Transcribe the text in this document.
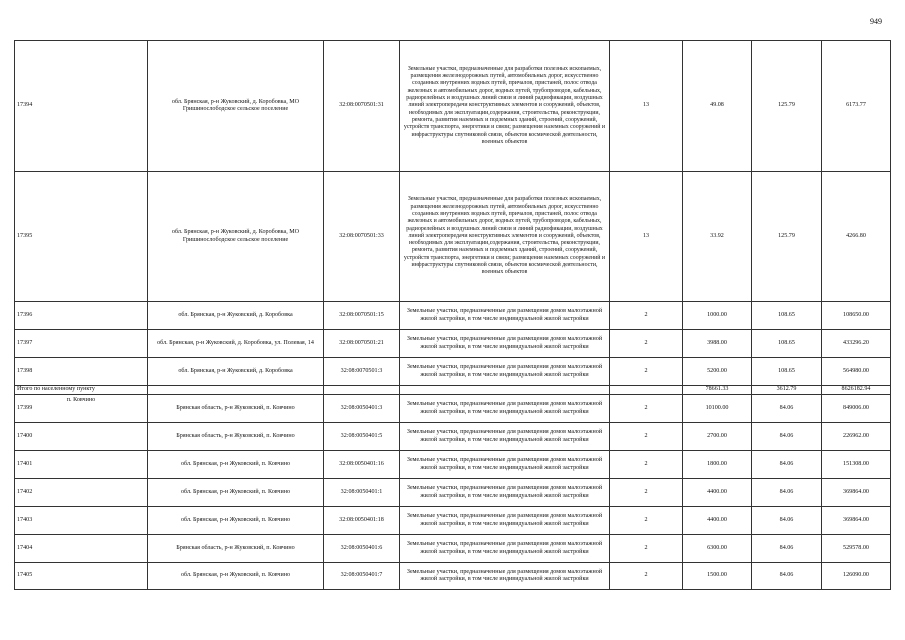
949
17394	обл. Брянская, р-н Жуковский, д. Коробовка, МО Гришинослободское сельское поселение	32:08:0070501:31	Земельные участки, предназначенные для разработки полезных ископаемых, размещения железнодорожных путей, автомобильных дорог, искусственно созданных внутренних водных путей, причалов, пристаней, полос отвода железных и автомобильных дорог, водных путей, трубопроводов, кабельных, радиорелейных и воздушных линий связи и линий радиофикации, воздушных линий электропередачи конструктивных элементов и сооружений, объектов, необходимых для эксплуатации,содержания, строительства, реконструкции, ремонта, развития наземных и подземных зданий, строений, сооружений, устройств транспорта, энергетики и связи; размещения наземных сооружений и инфраструктуры спутниковой связи, объектов космической деятельности, военных объектов	13	49.08	125.79	6173.77
17395	обл. Брянская, р-н Жуковский, д. Коробовка, МО Гришинослободское сельское поселение	32:08:0070501:33	Земельные участки, предназначенные для разработки полезных ископаемых, размещения железнодорожных путей, автомобильных дорог, искусственно созданных внутренних водных путей, причалов, пристаней, полос отвода железных и автомобильных дорог, водных путей, трубопроводов, кабельных, радиорелейных и воздушных линий связи и линий радиофикации, воздушных линий электропередачи конструктивных элементов и сооружений, объектов, необходимых для эксплуатации,содержания, строительства, реконструкции, ремонта, развития наземных и подземных зданий, строений, сооружений, устройств транспорта, энергетики и связи; размещения наземных сооружений и инфраструктуры спутниковой связи, объектов космической деятельности, военных объектов	13	33.92	125.79	4266.80
17396	обл. Брянская, р-н Жуковский, д. Коробовка	32:08:0070501:15	Земельные участки, предназначенные для размещения домов малоэтажной жилой застройки, в том числе индивидуальной жилой застройки	2	1000.00	108.65	108650.00
17397	обл. Брянская, р-н Жуковский, д. Коробовка, ул. Полевая, 14	32:08:0070501:21	Земельные участки, предназначенные для размещения домов малоэтажной жилой застройки, в том числе индивидуальной жилой застройки	2	3988.00	108.65	433296.20
17398	обл. Брянская, р-н Жуковский, д. Коробовка	32:08:0070501:3	Земельные участки, предназначенные для размещения домов малоэтажной жилой застройки, в том числе индивидуальной жилой застройки	2	5200.00	108.65	564980.00
Итого по населенному пункту					78661.33	3612.79	8626182.94

п. Ковчино
17399	Брянская область, р-н Жуковский, п. Ковчино	32:08:0050401:3	Земельные участки, предназначенные для размещения домов малоэтажной жилой застройки, в том числе индивидуальной жилой застройки	2	10100.00	84.06	849006.00
17400	Брянская область, р-н Жуковский, п. Ковчино	32:08:0050401:5	Земельные участки, предназначенные для размещения домов малоэтажной жилой застройки, в том числе индивидуальной жилой застройки	2	2700.00	84.06	226962.00
17401	обл. Брянская, р-н Жуковский, п. Ковчино	32:08:0050401:16	Земельные участки, предназначенные для размещения домов малоэтажной жилой застройки, в том числе индивидуальной жилой застройки	2	1800.00	84.06	151308.00
17402	обл. Брянская, р-н Жуковский, п. Ковчино	32:08:0050401:1	Земельные участки, предназначенные для размещения домов малоэтажной жилой застройки, в том числе индивидуальной жилой застройки	2	4400.00	84.06	369864.00
17403	обл. Брянская, р-н Жуковский, п. Ковчино	32:08:0050401:18	Земельные участки, предназначенные для размещения домов малоэтажной жилой застройки, в том числе индивидуальной жилой застройки	2	4400.00	84.06	369864.00
17404	Брянская область, р-н Жуковский, п. Ковчино	32:08:0050401:6	Земельные участки, предназначенные для размещения домов малоэтажной жилой застройки, в том числе индивидуальной жилой застройки	2	6300.00	84.06	529578.00
17405	обл. Брянская, р-н Жуковский, п. Ковчино	32:08:0050401:7	Земельные участки, предназначенные для размещения домов малоэтажной жилой застройки, в том числе индивидуальной жилой застройки	2	1500.00	84.06	126090.00
